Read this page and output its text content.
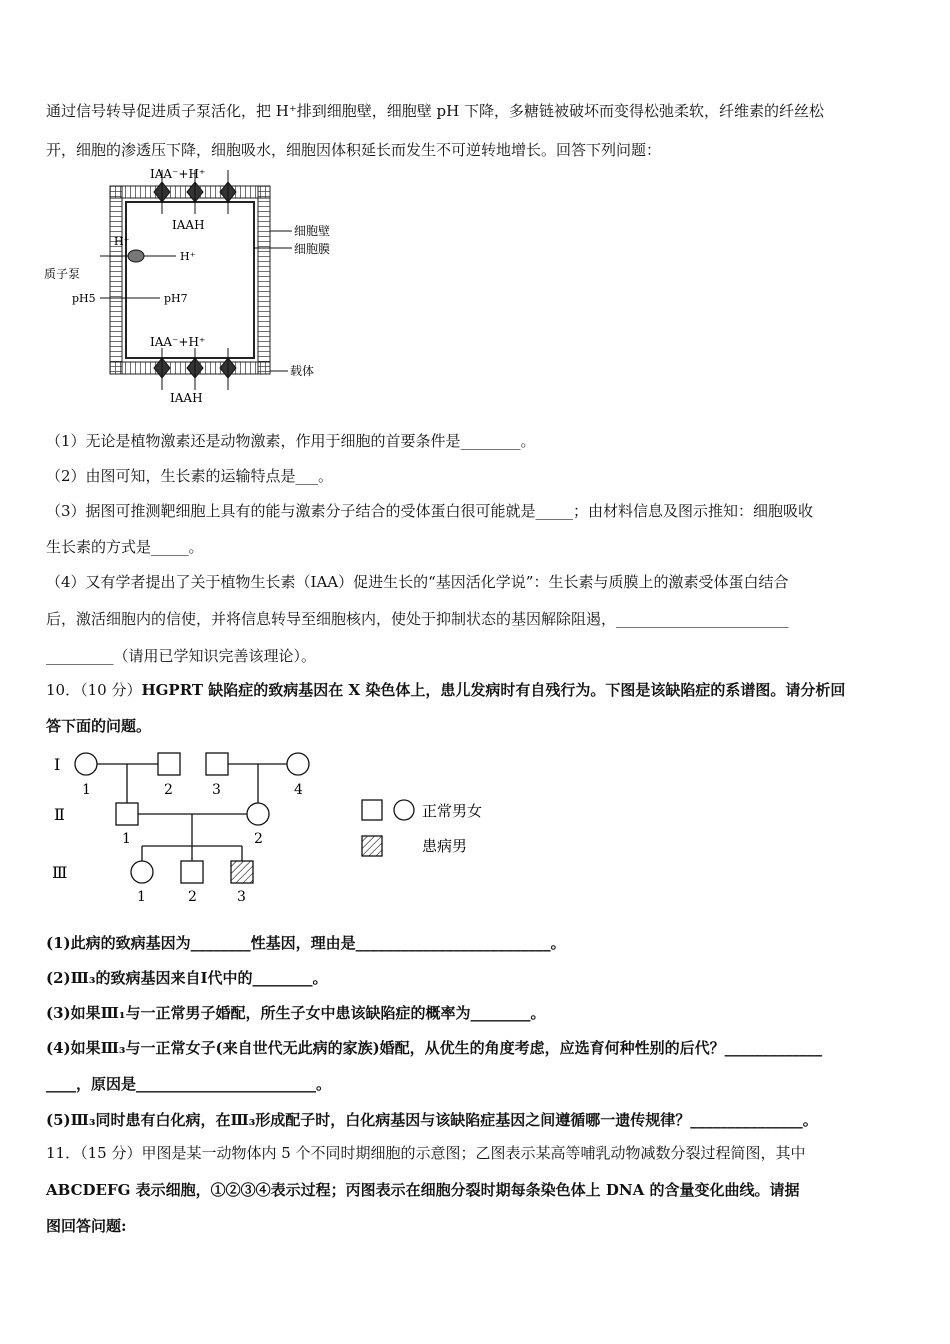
通过信号转导促进质子泵活化，把 H⁺排到细胞壁，细胞壁 pH 下降，多糖链被破坏而变得松弛柔软，纤维素的纤丝松
开，细胞的渗透压下降，细胞吸水，细胞因体积延长而发生不可逆转地增长。回答下列问题：
IAA⁻+H⁺
IAAH
H⁺
H⁺
质子泵
pH5	pH7
细胞壁
细胞膜
IAA⁻+H⁺
载体
IAAH
（1）无论是植物激素还是动物激素，作用于细胞的首要条件是________。
（2）由图可知，生长素的运输特点是___。
（3）据图可推测靶细胞上具有的能与激素分子结合的受体蛋白很可能就是_____；由材料信息及图示推知：细胞吸收
生长素的方式是_____。
（4）又有学者提出了关于植物生长素（IAA）促进生长的“基因活化学说”：生长素与质膜上的激素受体蛋白结合
后，激活细胞内的信使，并将信息转导至细胞核内，使处于抑制状态的基因解除阻遏，_______________________
_________（请用已学知识完善该理论）。
10．（10 分）HGPRT 缺陷症的致病基因在 X 染色体上，患儿发病时有自残行为。下图是该缺陷症的系谱图。请分析回
答下面的问题。
Ⅰ
Ⅱ
Ⅲ
1	2	3	4
1	2
1	2	3
正常男女
患病男
(1)此病的致病基因为________性基因，理由是__________________________。
(2)Ⅲ₃的致病基因来自Ⅰ代中的________。
(3)如果Ⅲ₁与一正常男子婚配，所生子女中患该缺陷症的概率为________。
(4)如果Ⅲ₃与一正常女子(来自世代无此病的家族)婚配，从优生的角度考虑，应选育何种性别的后代？_____________
____，原因是________________________。
(5)Ⅲ₃同时患有白化病，在Ⅲ₃形成配子时，白化病基因与该缺陷症基因之间遵循哪一遗传规律？_______________。
11．（15 分）甲图是某一动物体内 5 个不同时期细胞的示意图；乙图表示某高等哺乳动物减数分裂过程简图，其中
ABCDEFG 表示细胞，①②③④表示过程；丙图表示在细胞分裂时期每条染色体上 DNA 的含量变化曲线。请据
图回答问题:
